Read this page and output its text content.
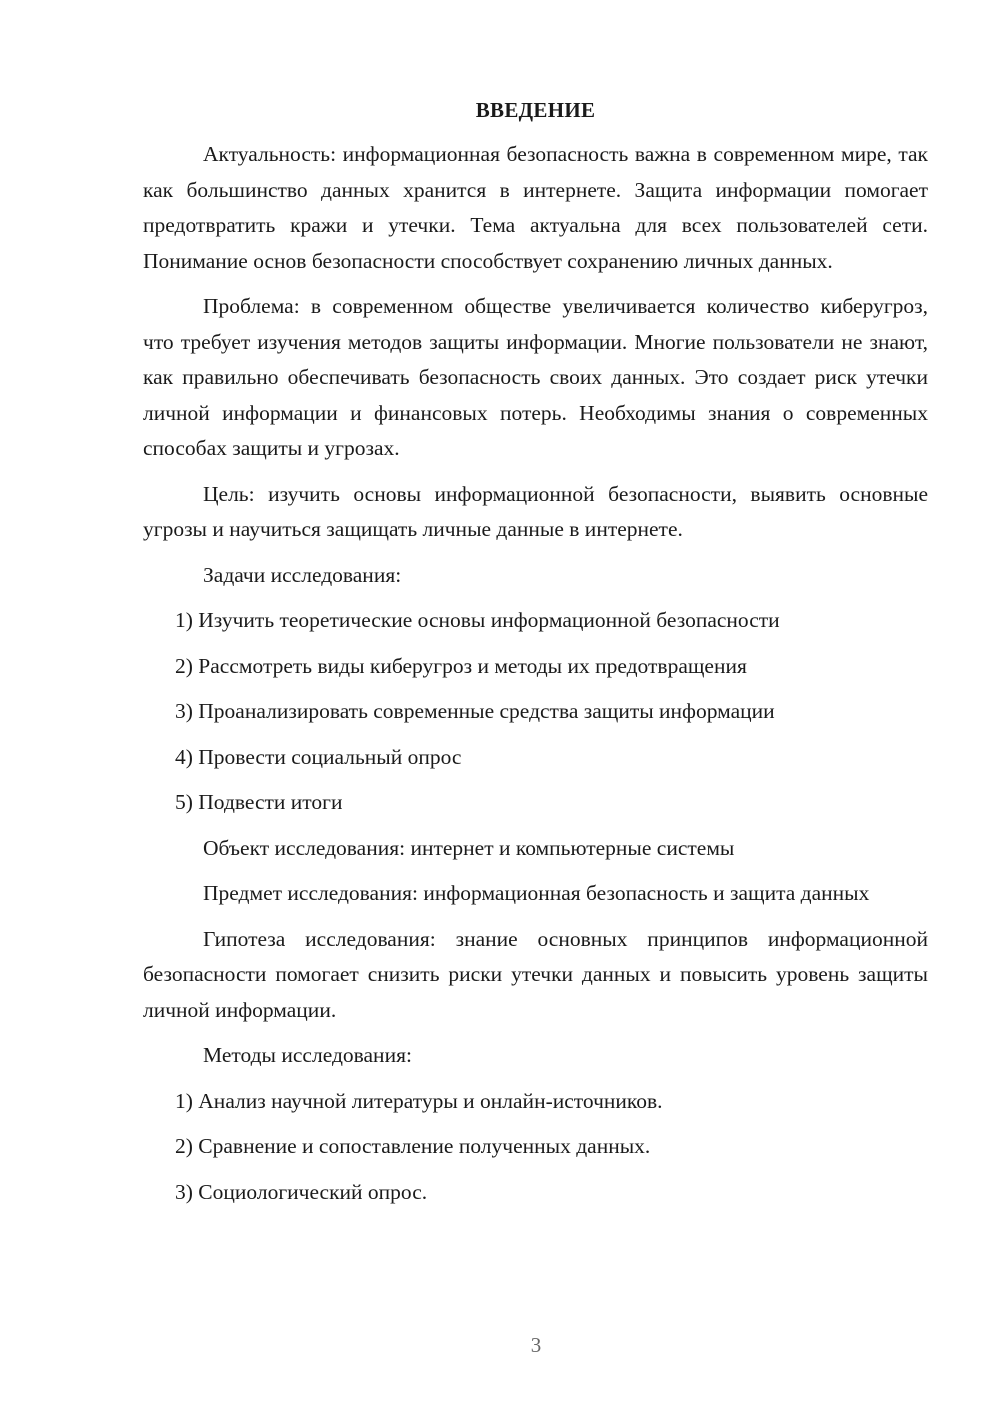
ВВЕДЕНИЕ

Актуальность: информационная безопасность важна в современном мире, так как большинство данных хранится в интернете. Защита информации помогает предотвратить кражи и утечки. Тема актуальна для всех пользователей сети. Понимание основ безопасности способствует сохранению личных данных.

Проблема: в современном обществе увеличивается количество киберугроз, что требует изучения методов защиты информации. Многие пользователи не знают, как правильно обеспечивать безопасность своих данных. Это создает риск утечки личной информации и финансовых потерь. Необходимы знания о современных способах защиты и угрозах.

Цель: изучить основы информационной безопасности, выявить основные угрозы и научиться защищать личные данные в интернете.

Задачи исследования:
1) Изучить теоретические основы информационной безопасности
2) Рассмотреть виды киберугроз и методы их предотвращения
3) Проанализировать современные средства защиты информации
4) Провести социальный опрос
5) Подвести итоги
Объект исследования: интернет и компьютерные системы

Предмет исследования: информационная безопасность и защита данных

Гипотеза исследования: знание основных принципов информационной безопасности помогает снизить риски утечки данных и повысить уровень защиты личной информации.

Методы исследования:
1) Анализ научной литературы и онлайн-источников.
2) Сравнение и сопоставление полученных данных.
3) Социологический опрос.
3
